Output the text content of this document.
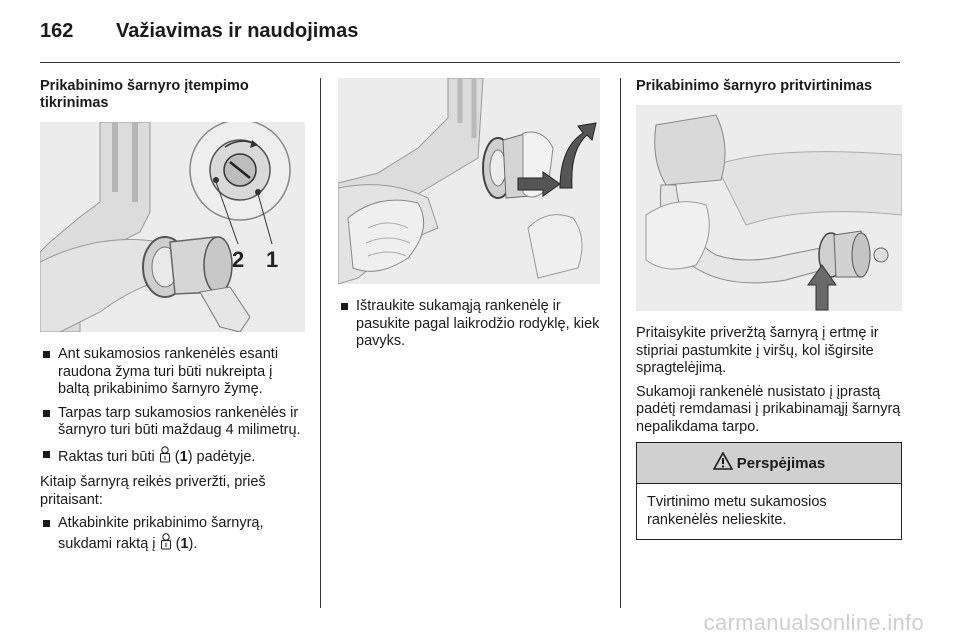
162 Važiavimas ir naudojimas
Prikabinimo šarnyro įtempimo tikrinimas
2 1
Ant sukamosios rankenėlės esanti raudona žyma turi būti nukreipta į baltą prikabinimo šarnyro žymę.
Tarpas tarp sukamosios rankenėlės ir šarnyro turi būti maždaug 4 milimetrų.
Raktas turi būti (1) padėtyje.

Kitaip šarnyrą reikės priveržti, prieš pritaisant:

Atkabinkite prikabinimo šarnyrą, sukdami raktą į (1).
Ištraukite sukamąją rankenėlę ir pasukite pagal laikrodžio rodyklę, kiek pavyks.
Prikabinimo šarnyro pritvirtinimas

Pritaisykite priveržtą šarnyrą į ertmę ir stipriai pastumkite į viršų, kol išgirsite spragtelėjimą.

Sukamoji rankenėlė nusistato į įprastą padėtį remdamasi į prikabinamąjį šarnyrą nepalikdama tarpo.

Perspėjimas
Tvirtinimo metu sukamosios rankenėlės nelieskite.
carmanualsonline.info
